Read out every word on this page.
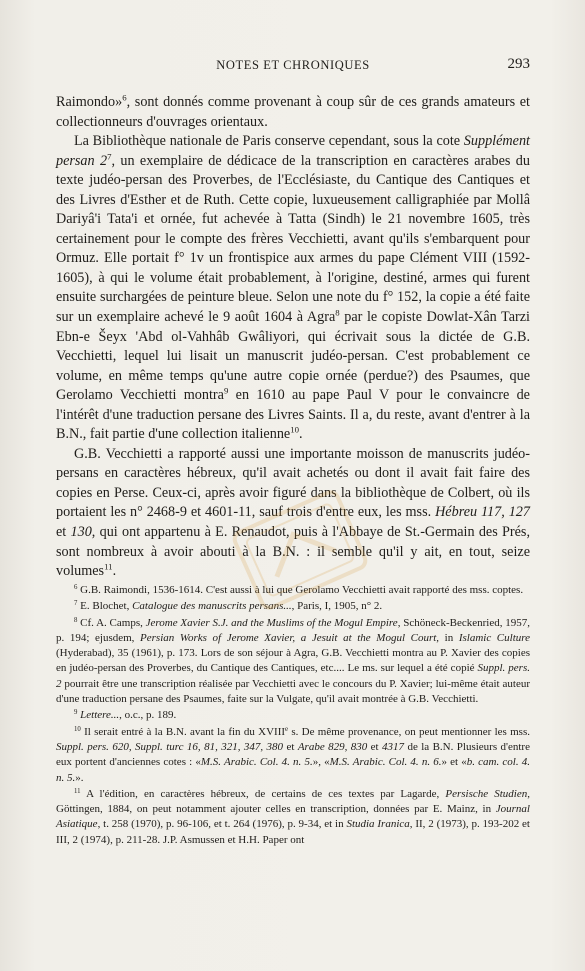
NOTES ET CHRONIQUES	293

Raimondo»$^6$, sont donnés comme provenant à coup sûr de ces grands amateurs et collectionneurs d'ouvrages orientaux.

La Bibliothèque nationale de Paris conserve cependant, sous la cote Supplément persan $2^7$, un exemplaire de dédicace de la transcription en caractères arabes du texte judéo-persan des Proverbes, de l'Ecclésiaste, du Cantique des Cantiques et des Livres d'Esther et de Ruth. Cette copie, luxueusement calligraphiée par Mollâ Dariyâ'i Tata'i et ornée, fut achevée à Tatta (Sindh) le 21 novembre 1605, très certainement pour le compte des frères Vecchietti, avant qu'ils s'embarquent pour Ormuz. Elle portait f° 1v un frontispice aux armes du pape Clément VIII (1592-1605), à qui le volume était probablement, à l'origine, destiné, armes qui furent ensuite surchargées de peinture bleue. Selon une note du f° 152, la copie a été faite sur un exemplaire achevé le 9 août 1604 à Agra$^8$ par le copiste Dowlat-Xân Tarzi Ebn-e Šeyx 'Abd ol-Vahhâb Gwâliyori, qui écrivait sous la dictée de G.B. Vecchietti, lequel lui lisait un manuscrit judéo-persan. C'est probablement ce volume, en même temps qu'une autre copie ornée (perdue?) des Psaumes, que Gerolamo Vecchietti montra$^9$ en 1610 au pape Paul V pour le convaincre de l'intérêt d'une traduction persane des Livres Saints. Il a, du reste, avant d'entrer à la B.N., fait partie d'une collection italienne$^{10}$.

G.B. Vecchietti a rapporté aussi une importante moisson de manuscrits judéo-persans en caractères hébreux, qu'il avait achetés ou dont il avait fait faire des copies en Perse. Ceux-ci, après avoir figuré dans la bibliothèque de Colbert, où ils portaient les n° 2468-9 et 4601-11, sauf trois d'entre eux, les mss. Hébreu 117, 127 et 130, qui ont appartenu à E. Renaudot, puis à l'Abbaye de St.-Germain des Prés, sont nombreux à avoir abouti à la B.N. : il semble qu'il y ait, en tout, seize volumes$^{11}$.

$^6$ G.B. Raimondi, 1536-1614. C'est aussi à lui que Gerolamo Vecchietti avait rapporté des mss. coptes.

$^7$ E. Blochet, Catalogue des manuscrits persans..., Paris, I, 1905, n° 2.

$^8$ Cf. A. Camps, Jerome Xavier S.J. and the Muslims of the Mogul Empire, Schöneck-Beckenried, 1957, p. 194; ejusdem, Persian Works of Jerome Xavier, a Jesuit at the Mogul Court, in Islamic Culture (Hyderabad), 35 (1961), p. 173. Lors de son séjour à Agra, G.B. Vecchietti montra au P. Xavier des copies en judéo-persan des Proverbes, du Cantique des Cantiques, etc.... Le ms. sur lequel a été copié Suppl. pers. 2 pourrait être une transcription réalisée par Vecchietti avec le concours du P. Xavier; lui-même était auteur d'une traduction persane des Psaumes, faite sur la Vulgate, qu'il avait montrée à G.B. Vecchietti.

$^9$ Lettere..., o.c., p. 189.

$^{10}$ Il serait entré à la B.N. avant la fin du XVIIIe s. De même provenance, on peut mentionner les mss. Suppl. pers. 620, Suppl. turc 16, 81, 321, 347, 380 et Arabe 829, 830 et 4317 de la B.N. Plusieurs d'entre eux portent d'anciennes cotes : «M.S. Arabic. Col. 4. n. 5.», «M.S. Arabic. Col. 4. n. 6.» et «b. cam. col. 4. n. 5.».

$^{11}$ A l'édition, en caractères hébreux, de certains de ces textes par Lagarde, Persische Studien, Göttingen, 1884, on peut notamment ajouter celles en transcription, données par E. Mainz, in Journal Asiatique, t. 258 (1970), p. 96-106, et t. 264 (1976), p. 9-34, et in Studia Iranica, II, 2 (1973), p. 193-202 et III, 2 (1974), p. 211-28. J.P. Asmussen et H.H. Paper ont
